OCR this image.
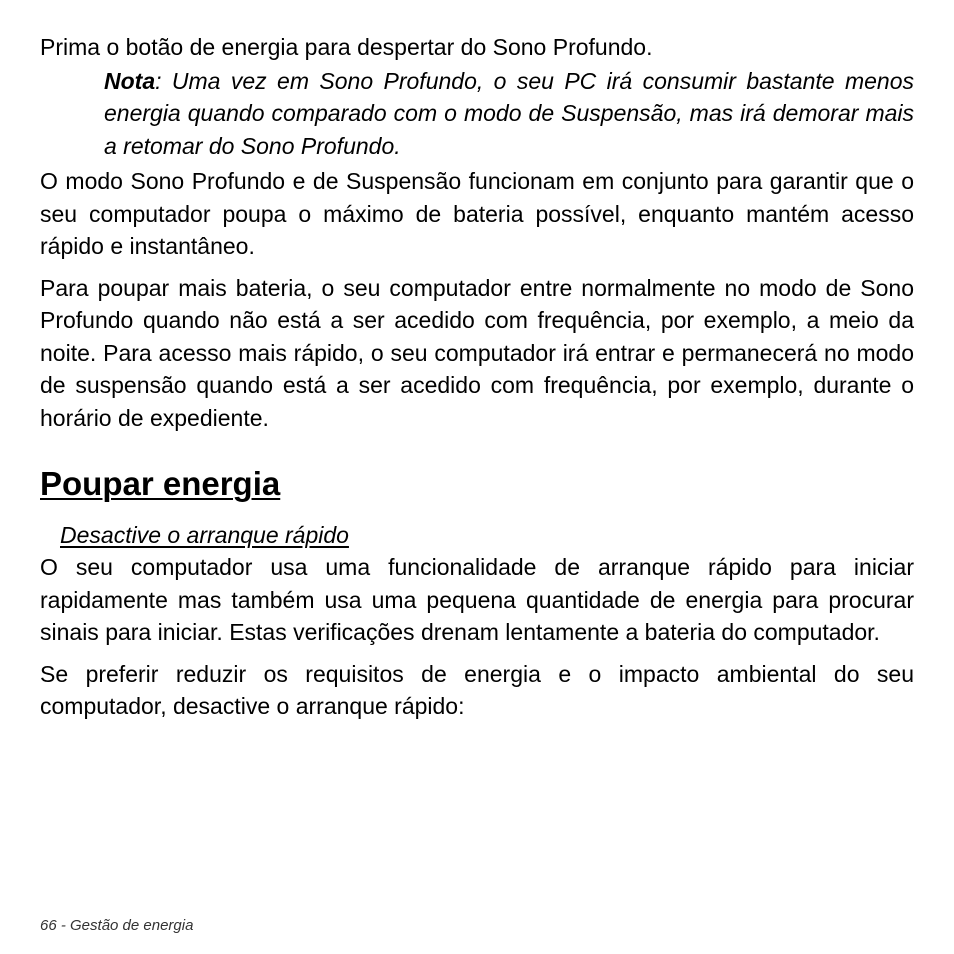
Prima o botão de energia para despertar do Sono Profundo.

Nota: Uma vez em Sono Profundo, o seu PC irá consumir bastante menos energia quando comparado com o modo de Suspensão, mas irá demorar mais a retomar do Sono Profundo.

O modo Sono Profundo e de Suspensão funcionam em conjunto para garantir que o seu computador poupa o máximo de bateria possível, enquanto mantém acesso rápido e instantâneo.

Para poupar mais bateria, o seu computador entre normalmente no modo de Sono Profundo quando não está a ser acedido com frequência, por exemplo, a meio da noite. Para acesso mais rápido, o seu computador irá entrar e permanecerá no modo de suspensão quando está a ser acedido com frequência, por exemplo, durante o horário de expediente.

Poupar energia
Desactive o arranque rápido

O seu computador usa uma funcionalidade de arranque rápido para iniciar rapidamente mas também usa uma pequena quantidade de energia para procurar sinais para iniciar. Estas verificações drenam lentamente a bateria do computador.

Se preferir reduzir os requisitos de energia e o impacto ambiental do seu computador, desactive o arranque rápido:

66 - Gestão de energia
